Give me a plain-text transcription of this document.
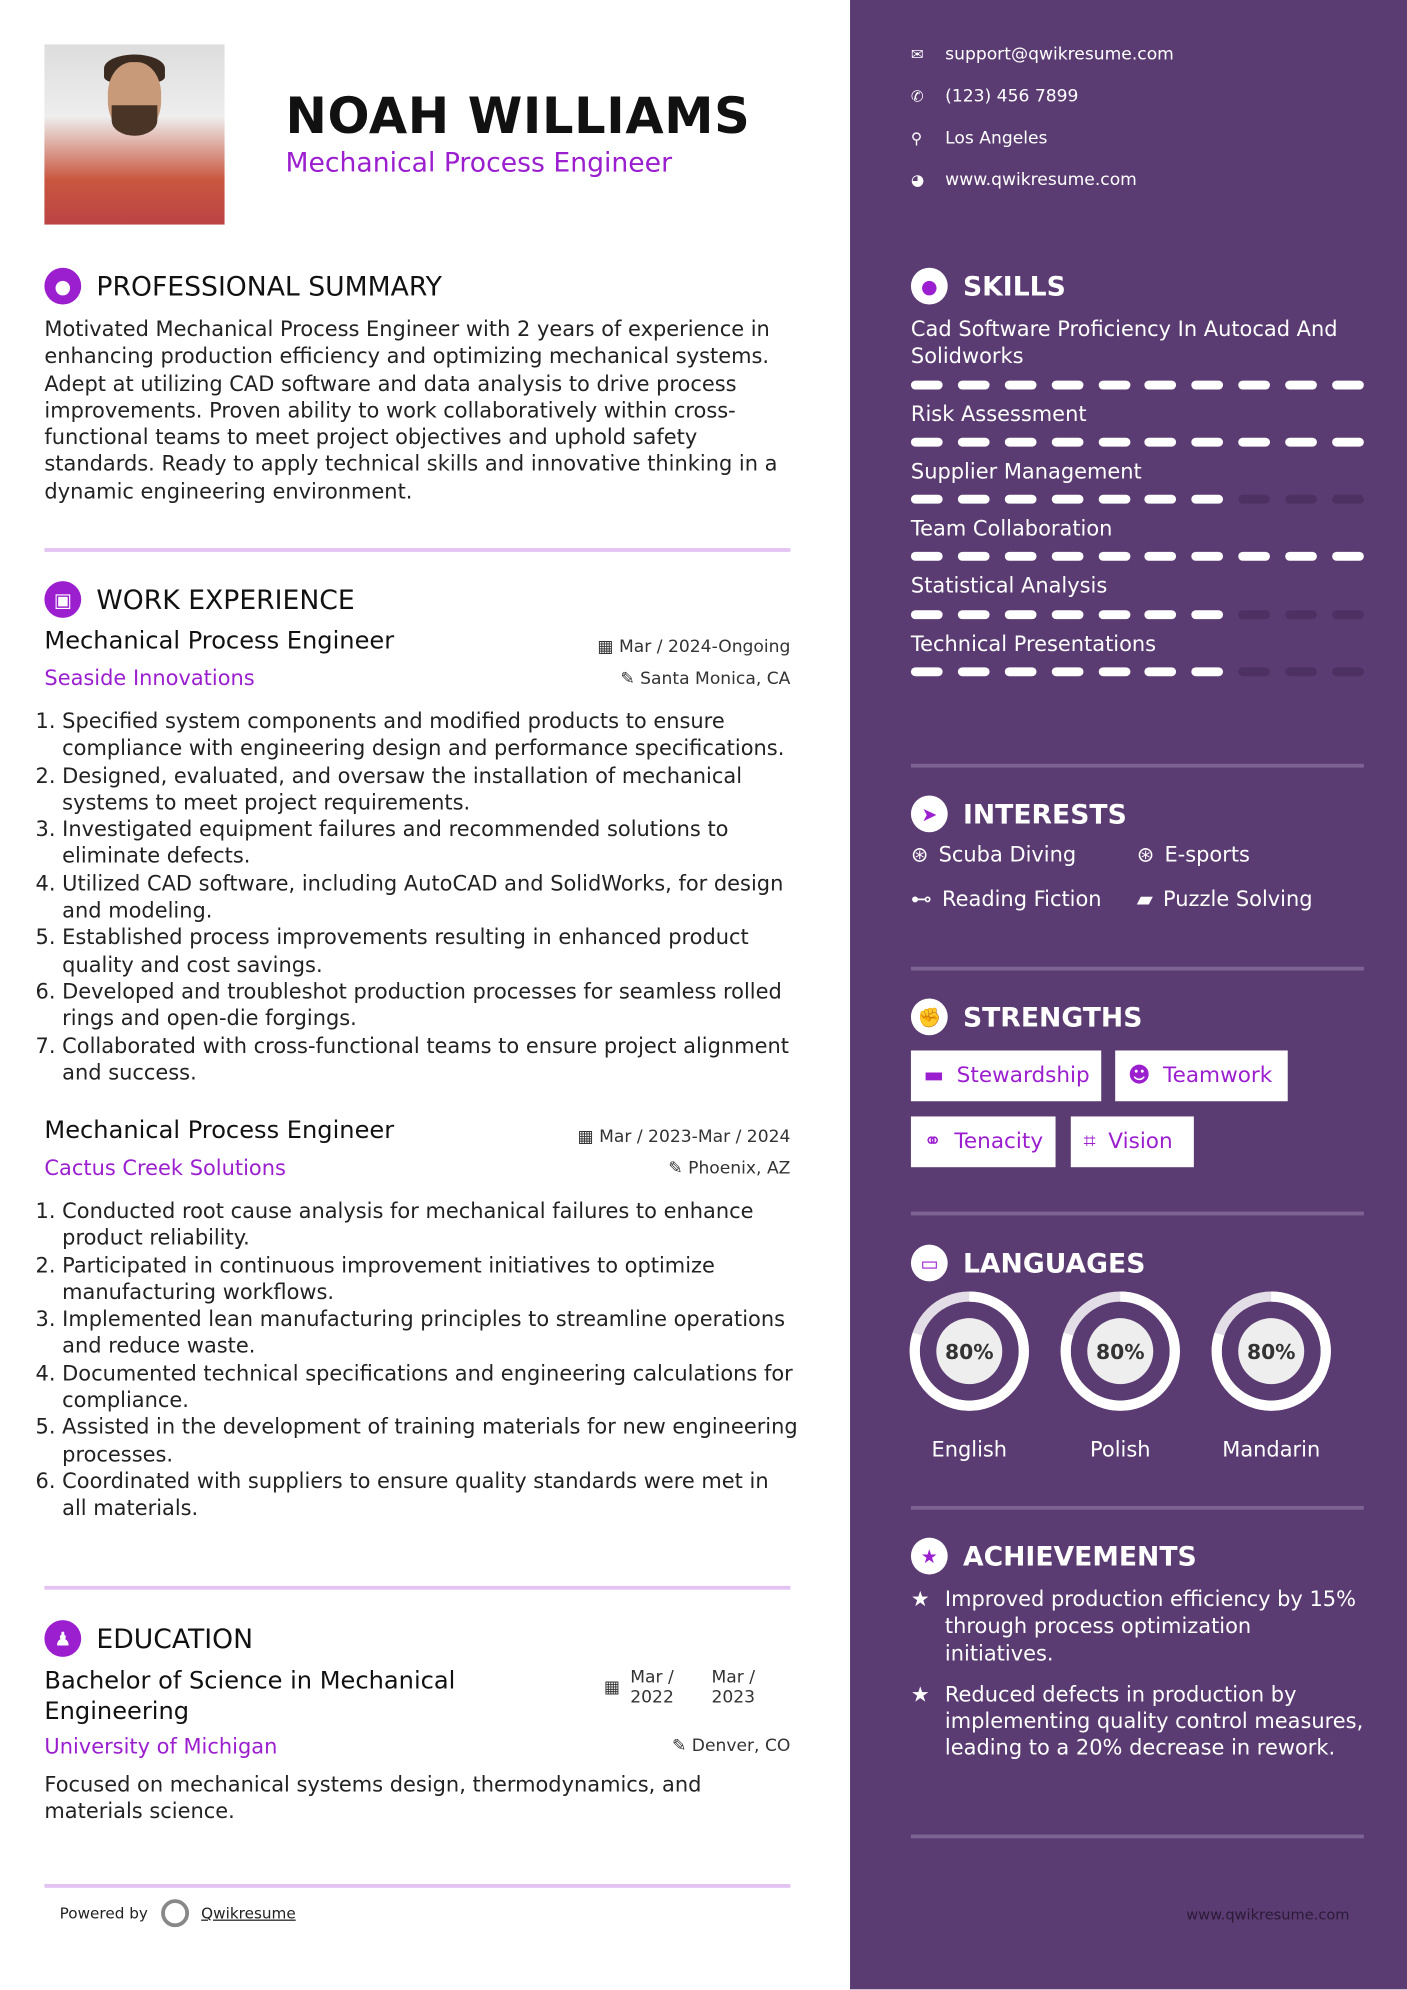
NOAH WILLIAMS
Mechanical Process Engineer
●	PROFESSIONAL SUMMARY
Motivated Mechanical Process Engineer with 2 years of experience in enhancing production efficiency and optimizing mechanical systems. Adept at utilizing CAD software and data analysis to drive process improvements. Proven ability to work collaboratively within cross-functional teams to meet project objectives and uphold safety standards. Ready to apply technical skills and innovative thinking in a dynamic engineering environment.
▣	WORK EXPERIENCE
Mechanical Process Engineer	▦ Mar / 2024-Ongoing
Seaside Innovations	✎ Santa Monica, CA
1. Specified system components and modified products to ensure compliance with engineering design and performance specifications.
2. Designed, evaluated, and oversaw the installation of mechanical systems to meet project requirements.
3. Investigated equipment failures and recommended solutions to eliminate defects.
4. Utilized CAD software, including AutoCAD and SolidWorks, for design and modeling.
5. Established process improvements resulting in enhanced product quality and cost savings.
6. Developed and troubleshot production processes for seamless rolled rings and open-die forgings.
7. Collaborated with cross-functional teams to ensure project alignment and success.
Mechanical Process Engineer	▦ Mar / 2023-Mar / 2024
Cactus Creek Solutions	✎ Phoenix, AZ
1. Conducted root cause analysis for mechanical failures to enhance product reliability.
2. Participated in continuous improvement initiatives to optimize manufacturing workflows.
3. Implemented lean manufacturing principles to streamline operations and reduce waste.
4. Documented technical specifications and engineering calculations for compliance.
5. Assisted in the development of training materials for new engineering processes.
6. Coordinated with suppliers to ensure quality standards were met in all materials.
♟	EDUCATION
Bachelor of Science in Mechanical Engineering
▦
Mar / 2022
Mar / 2023
University of Michigan	✎ Denver, CO
Focused on mechanical systems design, thermodynamics, and materials science.
Powered by	Qwikresume
✉	support@qwikresume.com
✆	(123) 456 7899
⚲	Los Angeles
◕	www.qwikresume.com
●	SKILLS
Cad Software Proficiency In Autocad And Solidworks
Risk Assessment
Supplier Management
Team Collaboration
Statistical Analysis
Technical Presentations
➤	INTERESTS
⊛ Scuba Diving	⊛ E-sports
⊷ Reading Fiction ▰ Puzzle Solving
✊	STRENGTHS
▬ Stewardship ☻ Teamwork
⚭ Tenacity ⌗ Vision
▭	LANGUAGES
80%
English
80%
Polish
80%
Mandarin
★	ACHIEVEMENTS
★ Improved production efficiency by 15% through process optimization initiatives.
★ Reduced defects in production by implementing quality control measures, leading to a 20% decrease in rework.
www.qwikresume.com
